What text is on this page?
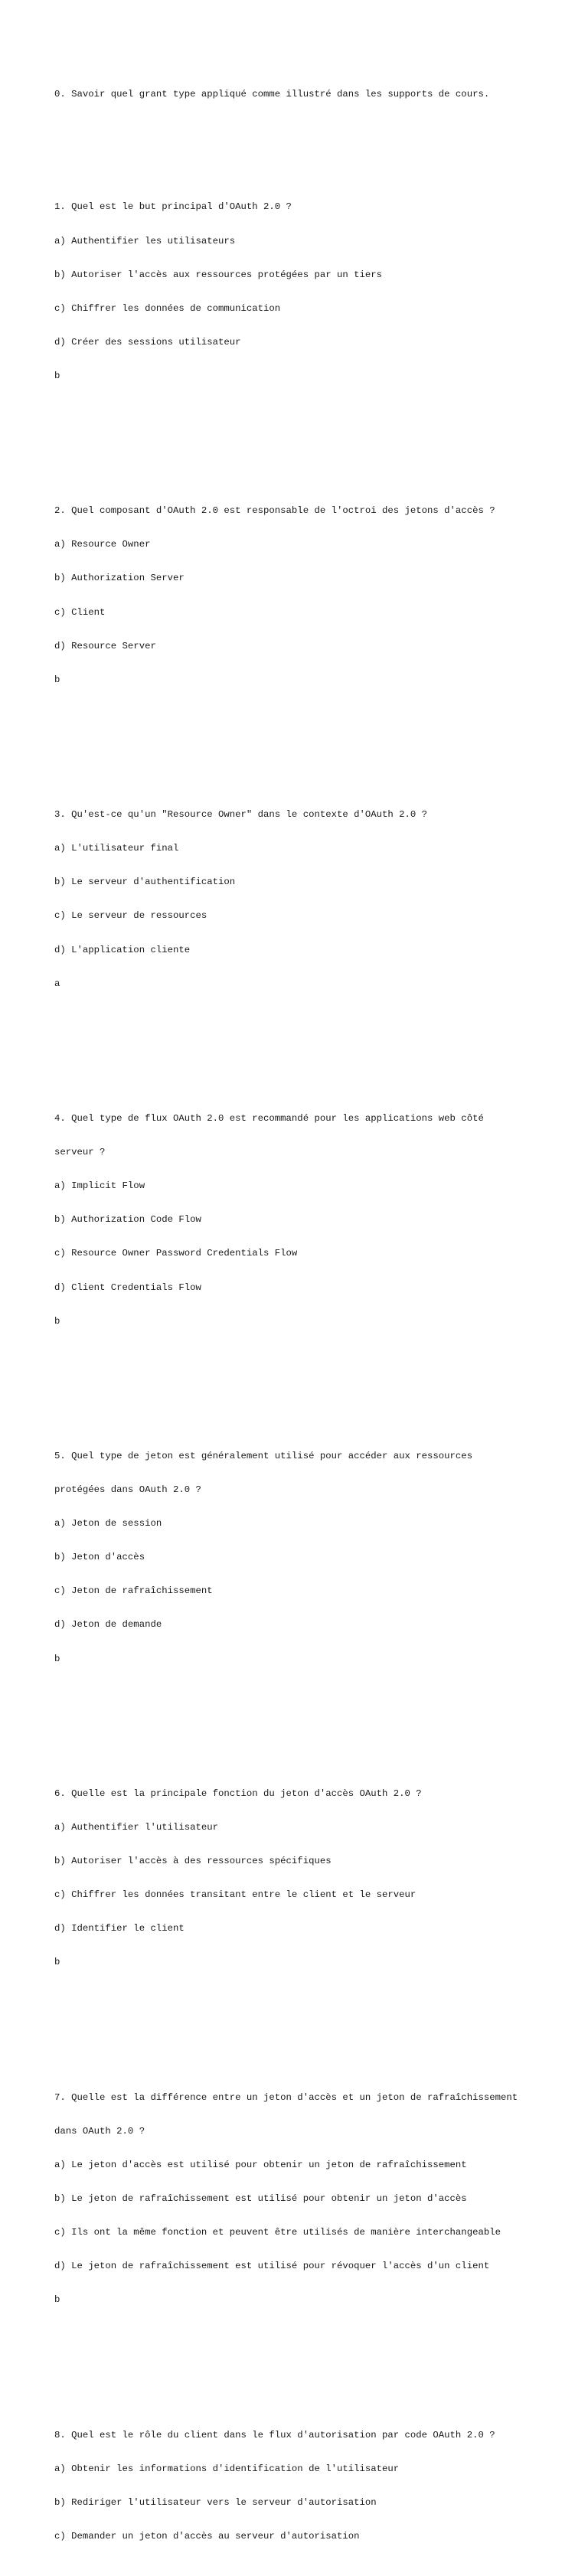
0. Savoir quel grant type appliqué comme illustré dans les supports de cours.

1. Quel est le but principal d'OAuth 2.0 ?

a) Authentifier les utilisateurs

b) Autoriser l'accès aux ressources protégées par un tiers

c) Chiffrer les données de communication

d) Créer des sessions utilisateur

b

2. Quel composant d'OAuth 2.0 est responsable de l'octroi des jetons d'accès ?

a) Resource Owner

b) Authorization Server

c) Client

d) Resource Server

b

3. Qu'est-ce qu'un "Resource Owner" dans le contexte d'OAuth 2.0 ?

a) L'utilisateur final

b) Le serveur d'authentification

c) Le serveur de ressources

d) L'application cliente

a

4. Quel type de flux OAuth 2.0 est recommandé pour les applications web côté

serveur ?

a) Implicit Flow

b) Authorization Code Flow

c) Resource Owner Password Credentials Flow

d) Client Credentials Flow

b

5. Quel type de jeton est généralement utilisé pour accéder aux ressources

protégées dans OAuth 2.0 ?

a) Jeton de session

b) Jeton d'accès

c) Jeton de rafraîchissement

d) Jeton de demande

b

6. Quelle est la principale fonction du jeton d'accès OAuth 2.0 ?

a) Authentifier l'utilisateur

b) Autoriser l'accès à des ressources spécifiques

c) Chiffrer les données transitant entre le client et le serveur

d) Identifier le client

b

7. Quelle est la différence entre un jeton d'accès et un jeton de rafraîchissement

dans OAuth 2.0 ?

a) Le jeton d'accès est utilisé pour obtenir un jeton de rafraîchissement

b) Le jeton de rafraîchissement est utilisé pour obtenir un jeton d'accès

c) Ils ont la même fonction et peuvent être utilisés de manière interchangeable

d) Le jeton de rafraîchissement est utilisé pour révoquer l'accès d'un client

b

8. Quel est le rôle du client dans le flux d'autorisation par code OAuth 2.0 ?

a) Obtenir les informations d'identification de l'utilisateur

b) Rediriger l'utilisateur vers le serveur d'autorisation

c) Demander un jeton d'accès au serveur d'autorisation
